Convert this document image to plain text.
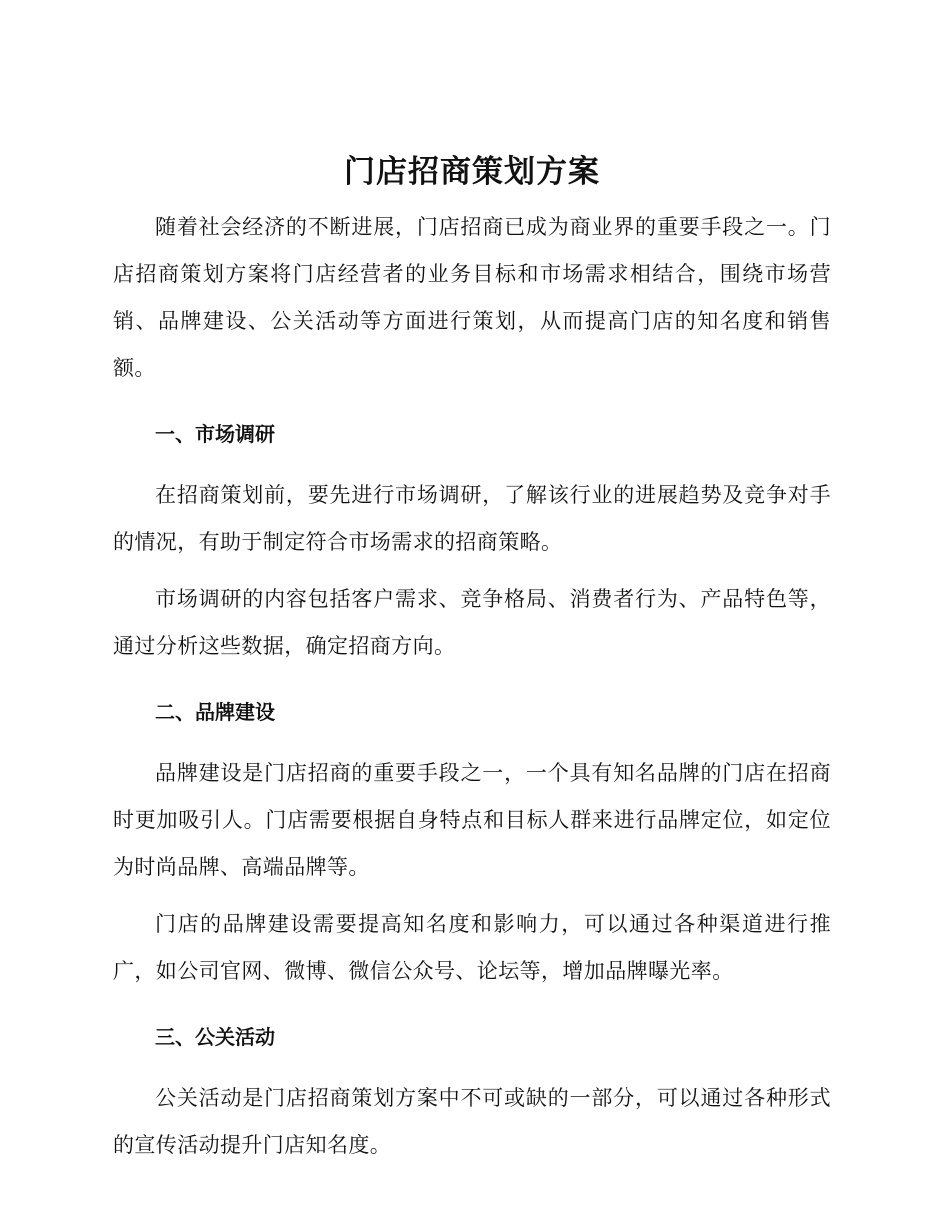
门店招商策划方案

随着社会经济的不断进展，门店招商已成为商业界的重要手段之一。门店招商策划方案将门店经营者的业务目标和市场需求相结合，围绕市场营销、品牌建设、公关活动等方面进行策划，从而提高门店的知名度和销售额。

一、市场调研

在招商策划前，要先进行市场调研，了解该行业的进展趋势及竞争对手的情况，有助于制定符合市场需求的招商策略。

市场调研的内容包括客户需求、竞争格局、消费者行为、产品特色等，通过分析这些数据，确定招商方向。

二、品牌建设

品牌建设是门店招商的重要手段之一，一个具有知名品牌的门店在招商时更加吸引人。门店需要根据自身特点和目标人群来进行品牌定位，如定位为时尚品牌、高端品牌等。

门店的品牌建设需要提高知名度和影响力，可以通过各种渠道进行推广，如公司官网、微博、微信公众号、论坛等，增加品牌曝光率。

三、公关活动

公关活动是门店招商策划方案中不可或缺的一部分，可以通过各种形式的宣传活动提升门店知名度。
